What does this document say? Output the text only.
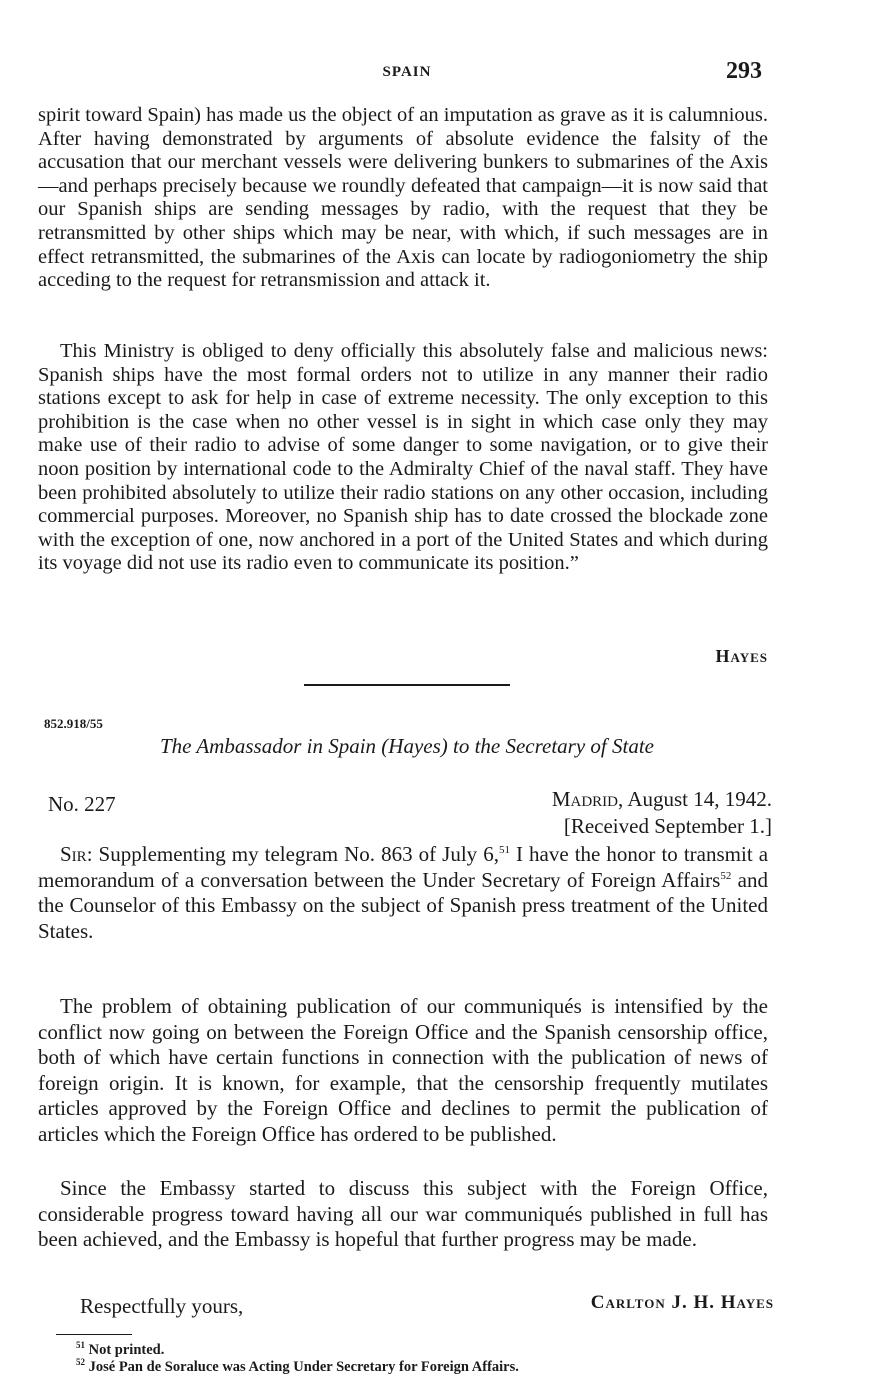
SPAIN	293

spirit toward Spain) has made us the object of an imputation as grave as it is calumnious. After having demonstrated by arguments of absolute evidence the falsity of the accusation that our merchant vessels were delivering bunkers to submarines of the Axis—and perhaps precisely because we roundly defeated that campaign—it is now said that our Spanish ships are sending messages by radio, with the request that they be retransmitted by other ships which may be near, with which, if such messages are in effect retransmitted, the submarines of the Axis can locate by radiogoniometry the ship acceding to the request for retransmission and attack it.

This Ministry is obliged to deny officially this absolutely false and malicious news: Spanish ships have the most formal orders not to utilize in any manner their radio stations except to ask for help in case of extreme necessity. The only exception to this prohibition is the case when no other vessel is in sight in which case only they may make use of their radio to advise of some danger to some navigation, or to give their noon position by international code to the Admiralty Chief of the naval staff. They have been prohibited absolutely to utilize their radio stations on any other occasion, including commercial purposes. Moreover, no Spanish ship has to date crossed the blockade zone with the exception of one, now anchored in a port of the United States and which during its voyage did not use its radio even to communicate its position.”

Hayes
852.918/55
The Ambassador in Spain (Hayes) to the Secretary of State
No. 227	Madrid, August 14, 1942.
[Received September 1.]

Sir: Supplementing my telegram No. 863 of July 6,51 I have the honor to transmit a memorandum of a conversation between the Under Secretary of Foreign Affairs$^{52}$ and the Counselor of this Embassy on the subject of Spanish press treatment of the United States.

The problem of obtaining publication of our communiqués is intensified by the conflict now going on between the Foreign Office and the Spanish censorship office, both of which have certain functions in connection with the publication of news of foreign origin. It is known, for example, that the censorship frequently mutilates articles approved by the Foreign Office and declines to permit the publication of articles which the Foreign Office has ordered to be published.

Since the Embassy started to discuss this subject with the Foreign Office, considerable progress toward having all our war communiqués published in full has been achieved, and the Embassy is hopeful that further progress may be made.

Respectfully yours,	Carlton J. H. Hayes
$^{51}$ Not printed.
$^{52}$ José Pan de Soraluce was Acting Under Secretary for Foreign Affairs.
